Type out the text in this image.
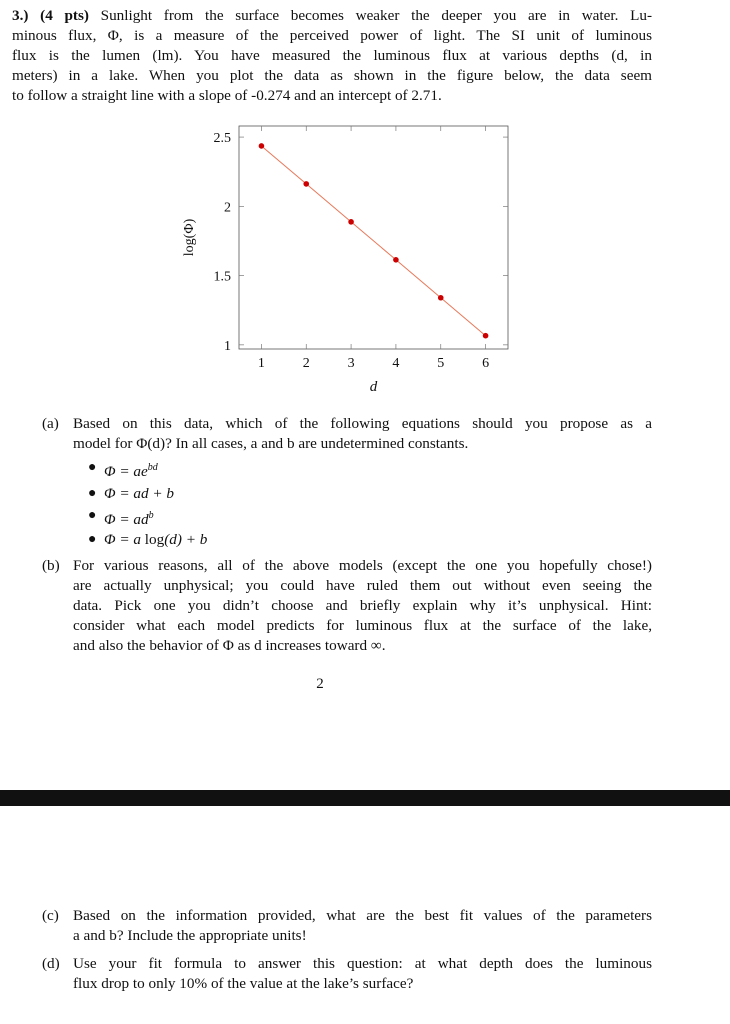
3.) (4 pts) Sunlight from the surface becomes weaker the deeper you are in water. Lu-
minous flux, Φ, is a measure of the perceived power of light. The SI unit of luminous
flux is the lumen (lm). You have measured the luminous flux at various depths (d, in
meters) in a lake. When you plot the data as shown in the figure below, the data seem
to follow a straight line with a slope of -0.274 and an intercept of 2.71.
1	2	3	4	5	6
1
1.5
2
2.5
d
log(Φ)
(a) Based on this data, which of the following equations should you propose as a
model for Φ(d)? In all cases, a and b are undetermined constants.
● $\Phi = ae^{bd}$
● Φ = ad + b
● $\Phi = ad^b$
● Φ = a log(d) + b
(b) For various reasons, all of the above models (except the one you hopefully chose!)
are actually unphysical; you could have ruled them out without even seeing the
data. Pick one you didn’t choose and briefly explain why it’s unphysical. Hint:
consider what each model predicts for luminous flux at the surface of the lake,
and also the behavior of Φ as d increases toward ∞.
2
(c) Based on the information provided, what are the best fit values of the parameters
a and b? Include the appropriate units!
(d) Use your fit formula to answer this question: at what depth does the luminous
flux drop to only 10% of the value at the lake’s surface?
